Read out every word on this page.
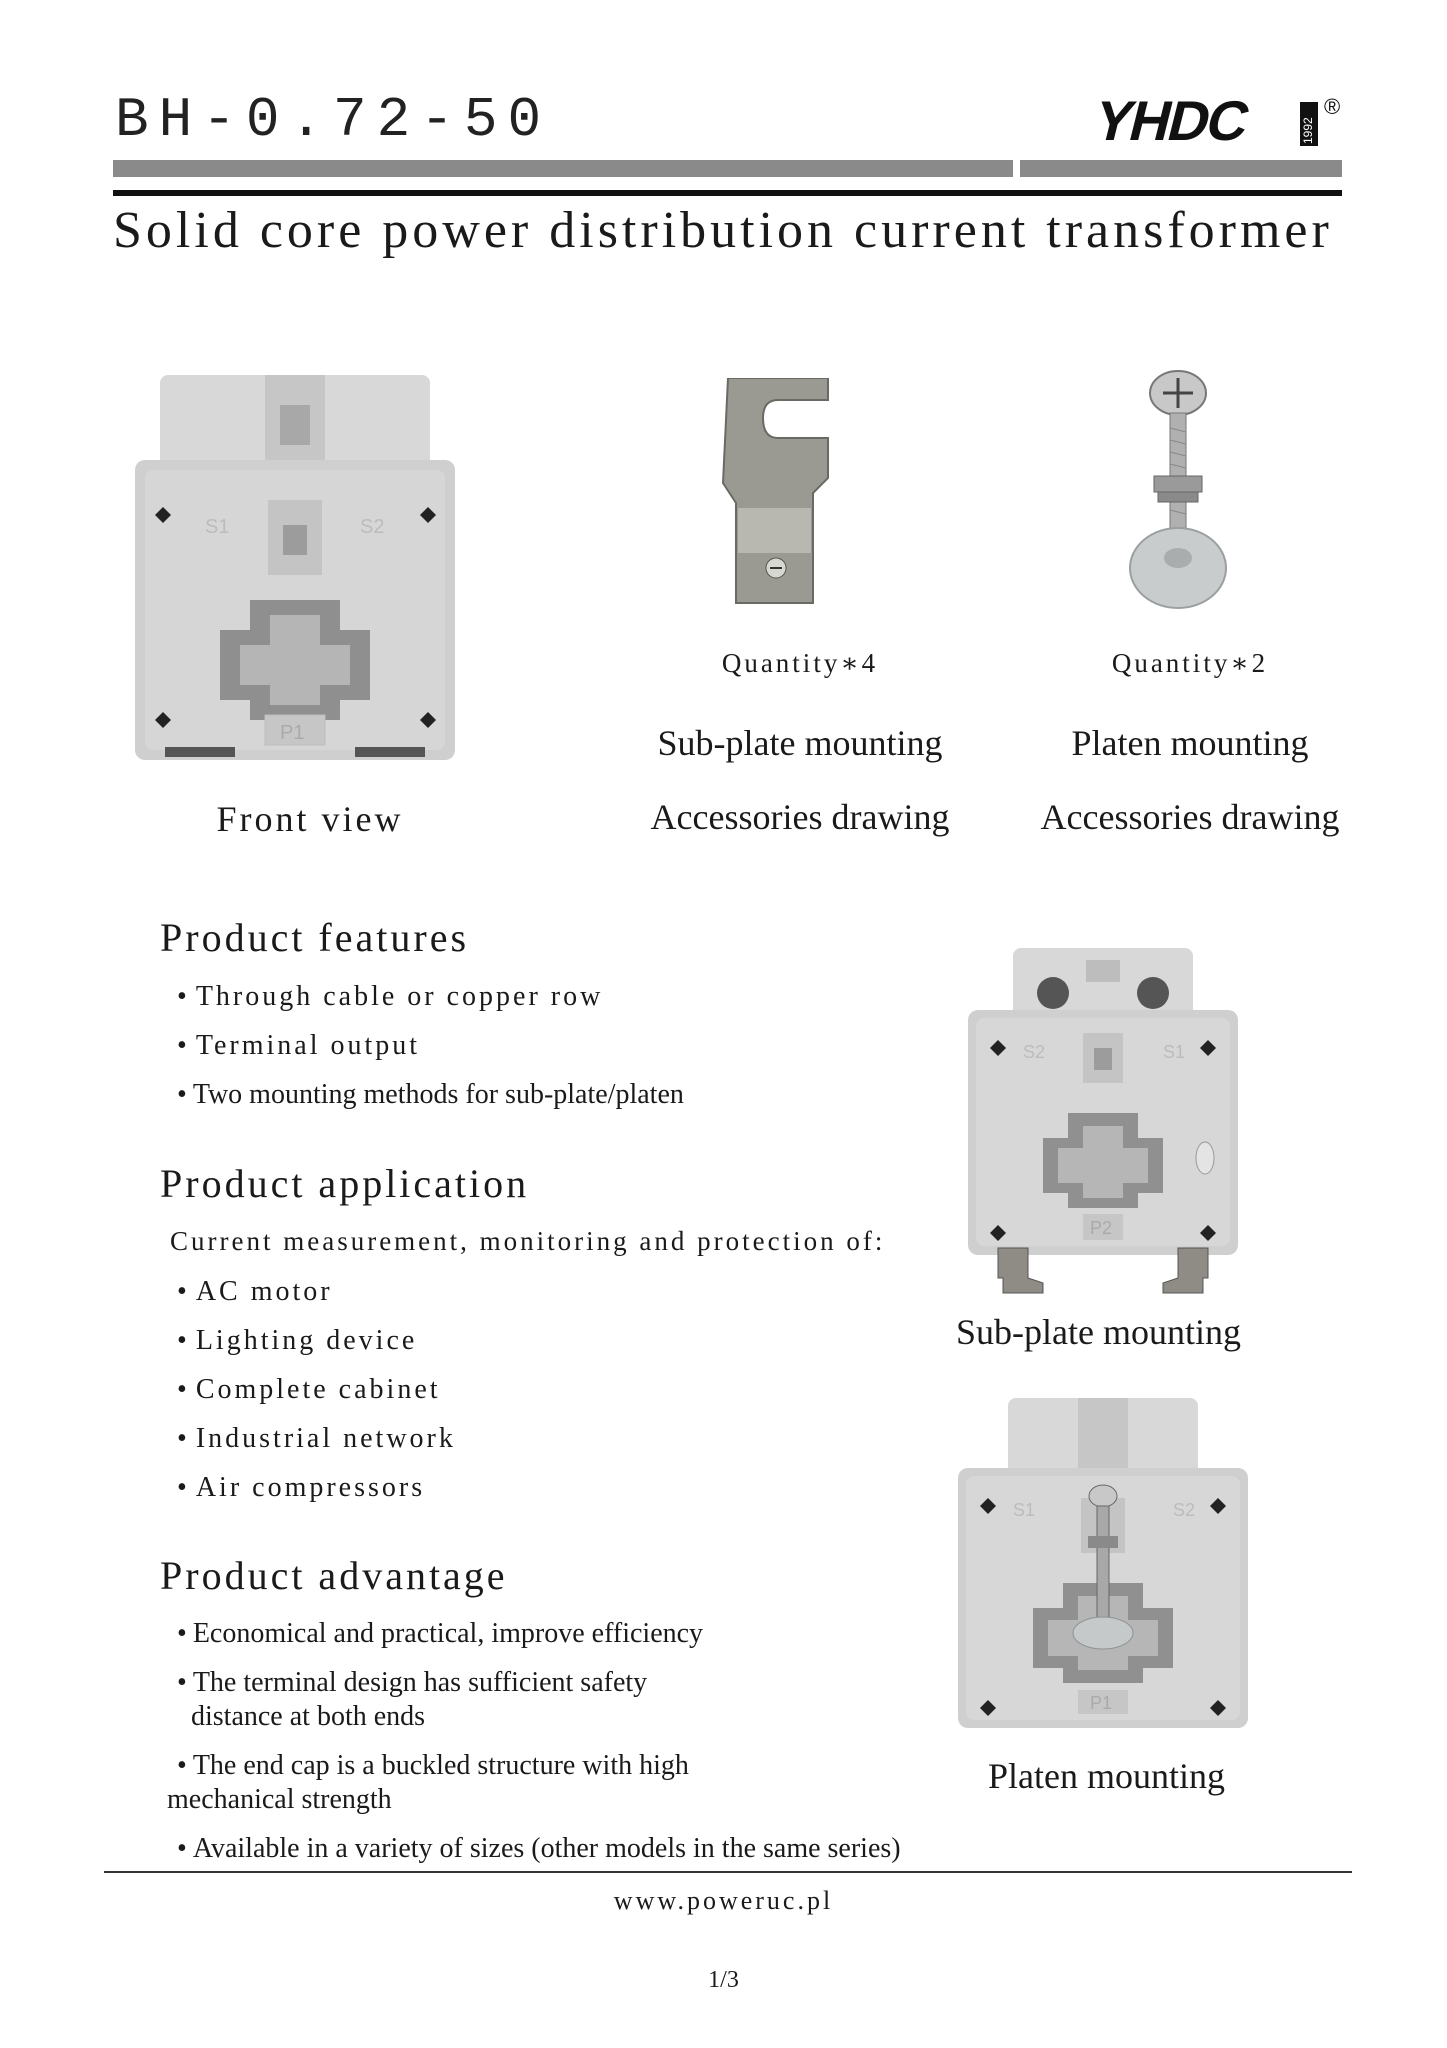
BH-0.72-50	YHDC	1992
®
Solid core power distribution current transformer
S1	S2
P1
Front view
Quantity∗4
Sub-plate mounting
Accessories drawing
Quantity∗2
Platen mounting
Accessories drawing
Product features
• Through cable or copper row
• Terminal output
• Two mounting methods for sub-plate/platen
Product application
Current measurement, monitoring and protection of:
• AC motor
• Lighting device
• Complete cabinet
• Industrial network
• Air compressors
Product advantage
• Economical and practical, improve efficiency
• The terminal design has sufficient safety
distance at both ends
• The end cap is a buckled structure with high
mechanical strength
• Available in a variety of sizes (other models in the same series)
S2	S1
P2
Sub-plate mounting
S1	S2
P1
Platen mounting
www.poweruc.pl
1/3
